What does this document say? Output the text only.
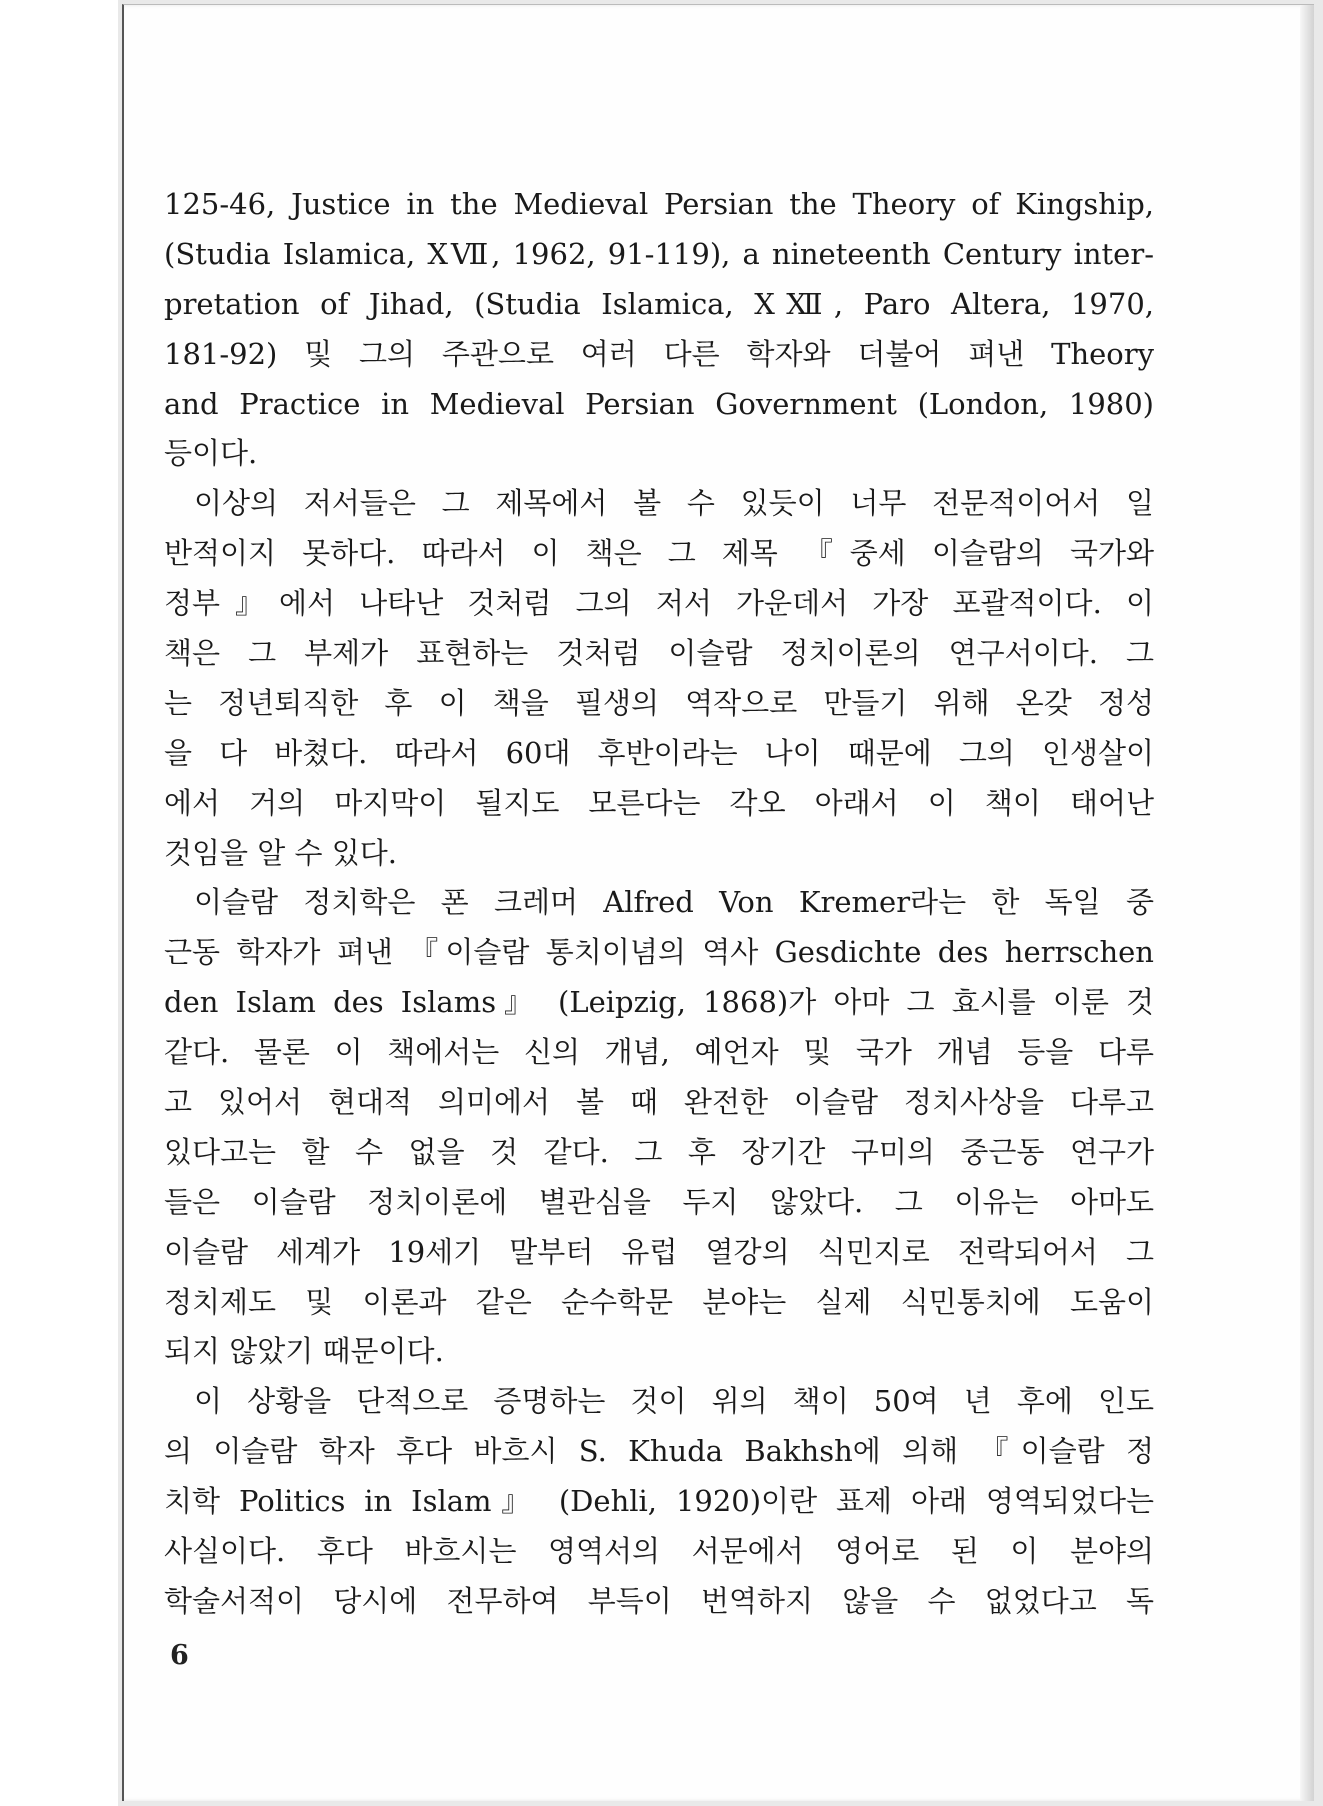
125-46, Justice in the Medieval Persian the Theory of Kingship,
(Studia Islamica, XⅦ, 1962, 91-119), a nineteenth Century inter-
pretation of Jihad, (Studia Islamica, XⅫ, Paro Altera, 1970,
181-92) 및 그의 주관으로 여러 다른 학자와 더불어 펴낸 Theory
and Practice in Medieval Persian Government (London, 1980)
등이다.
이상의 저서들은 그 제목에서 볼 수 있듯이 너무 전문적이어서 일
반적이지 못하다. 따라서 이 책은 그 제목 『중세 이슬람의 국가와
정부』에서 나타난 것처럼 그의 저서 가운데서 가장 포괄적이다. 이
책은 그 부제가 표현하는 것처럼 이슬람 정치이론의 연구서이다. 그
는 정년퇴직한 후 이 책을 필생의 역작으로 만들기 위해 온갖 정성
을 다 바쳤다. 따라서 60대 후반이라는 나이 때문에 그의 인생살이
에서 거의 마지막이 될지도 모른다는 각오 아래서 이 책이 태어난
것임을 알 수 있다.
이슬람 정치학은 폰 크레머 Alfred Von Kremer라는 한 독일 중
근동 학자가 펴낸 『이슬람 통치이념의 역사 Gesdichte des herrschen
den Islam des Islams』 (Leipzig, 1868)가 아마 그 효시를 이룬 것
같다. 물론 이 책에서는 신의 개념, 예언자 및 국가 개념 등을 다루
고 있어서 현대적 의미에서 볼 때 완전한 이슬람 정치사상을 다루고
있다고는 할 수 없을 것 같다. 그 후 장기간 구미의 중근동 연구가
들은 이슬람 정치이론에 별관심을 두지 않았다. 그 이유는 아마도
이슬람 세계가 19세기 말부터 유럽 열강의 식민지로 전락되어서 그
정치제도 및 이론과 같은 순수학문 분야는 실제 식민통치에 도움이
되지 않았기 때문이다.
이 상황을 단적으로 증명하는 것이 위의 책이 50여 년 후에 인도
의 이슬람 학자 후다 바흐시 S. Khuda Bakhsh에 의해 『이슬람 정
치학 Politics in Islam』 (Dehli, 1920)이란 표제 아래 영역되었다는
사실이다. 후다 바흐시는 영역서의 서문에서 영어로 된 이 분야의
학술서적이 당시에 전무하여 부득이 번역하지 않을 수 없었다고 독
6
